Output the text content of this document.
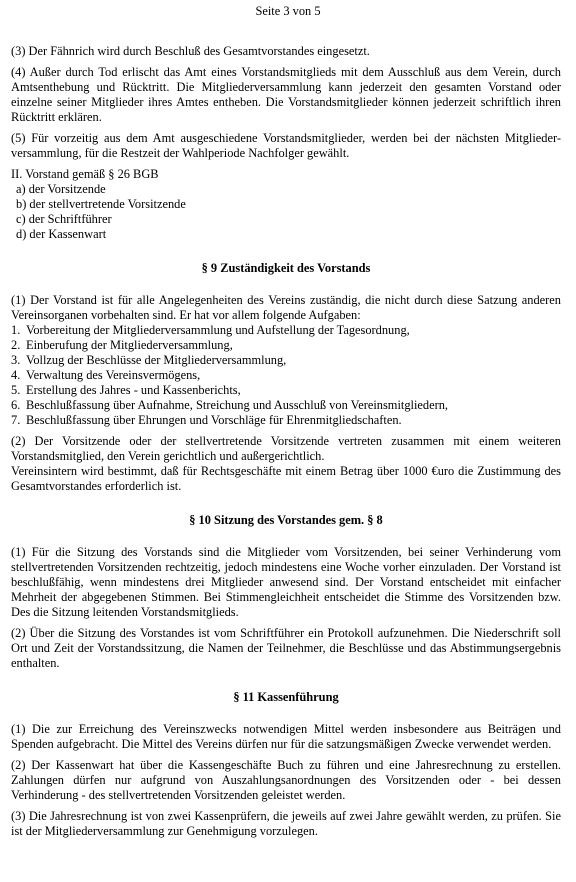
Seite 3 von 5

(3) Der Fähnrich wird durch Beschluß des Gesamtvorstandes eingesetzt.

(4) Außer durch Tod erlischt das Amt eines Vorstandsmitglieds mit dem Ausschluß aus dem Verein, durch Amtsenthebung und Rücktritt. Die Mitgliederversammlung kann jederzeit den gesamten Vorstand oder einzelne seiner Mitglieder ihres Amtes entheben. Die Vorstandsmitglieder können jederzeit schriftlich ihren Rücktritt erklären.

(5) Für vorzeitig aus dem Amt ausgeschiedene Vorstandsmitglieder, werden bei der nächsten Mitglieder-versammlung, für die Restzeit der Wahlperiode Nachfolger gewählt.

II. Vorstand gemäß § 26 BGB

a) der Vorsitzende

b) der stellvertretende Vorsitzende

c) der Schriftführer

d) der Kassenwart

§ 9 Zuständigkeit des Vorstands

(1) Der Vorstand ist für alle Angelegenheiten des Vereins zuständig, die nicht durch diese Satzung anderen Vereinsorganen vorbehalten sind. Er hat vor allem folgende Aufgaben:

1. Vorbereitung der Mitgliederversammlung und Aufstellung der Tagesordnung,
2. Einberufung der Mitgliederversammlung,
3. Vollzug der Beschlüsse der Mitgliederversammlung,
4. Verwaltung des Vereinsvermögens,
5. Erstellung des Jahres - und Kassenberichts,
6. Beschlußfassung über Aufnahme, Streichung und Ausschluß von Vereinsmitgliedern,
7. Beschlußfassung über Ehrungen und Vorschläge für Ehrenmitgliedschaften.

(2) Der Vorsitzende oder der stellvertretende Vorsitzende vertreten zusammen mit einem weiteren Vorstandsmitglied, den Verein gerichtlich und außergerichtlich.

Vereinsintern wird bestimmt, daß für Rechtsgeschäfte mit einem Betrag über 1000 €uro die Zustimmung des Gesamtvorstandes erforderlich ist.

§ 10 Sitzung des Vorstandes gem. § 8

(1) Für die Sitzung des Vorstands sind die Mitglieder vom Vorsitzenden, bei seiner Verhinderung vom stellvertretenden Vorsitzenden rechtzeitig, jedoch mindestens eine Woche vorher einzuladen. Der Vorstand ist beschlußfähig, wenn mindestens drei Mitglieder anwesend sind. Der Vorstand entscheidet mit einfacher Mehrheit der abgegebenen Stimmen. Bei Stimmengleichheit entscheidet die Stimme des Vorsitzenden bzw. Des die Sitzung leitenden Vorstandsmitglieds.

(2) Über die Sitzung des Vorstandes ist vom Schriftführer ein Protokoll aufzunehmen. Die Niederschrift soll Ort und Zeit der Vorstandssitzung, die Namen der Teilnehmer, die Beschlüsse und das Abstimmungsergebnis enthalten.

§ 11 Kassenführung

(1) Die zur Erreichung des Vereinszwecks notwendigen Mittel werden insbesondere aus Beiträgen und Spenden aufgebracht. Die Mittel des Vereins dürfen nur für die satzungsmäßigen Zwecke verwendet werden.

(2) Der Kassenwart hat über die Kassengeschäfte Buch zu führen und eine Jahresrechnung zu erstellen. Zahlungen dürfen nur aufgrund von Auszahlungsanordnungen des Vorsitzenden oder - bei dessen Verhinderung - des stellvertretenden Vorsitzenden geleistet werden.

(3) Die Jahresrechnung ist von zwei Kassenprüfern, die jeweils auf zwei Jahre gewählt werden, zu prüfen. Sie ist der Mitgliederversammlung zur Genehmigung vorzulegen.
